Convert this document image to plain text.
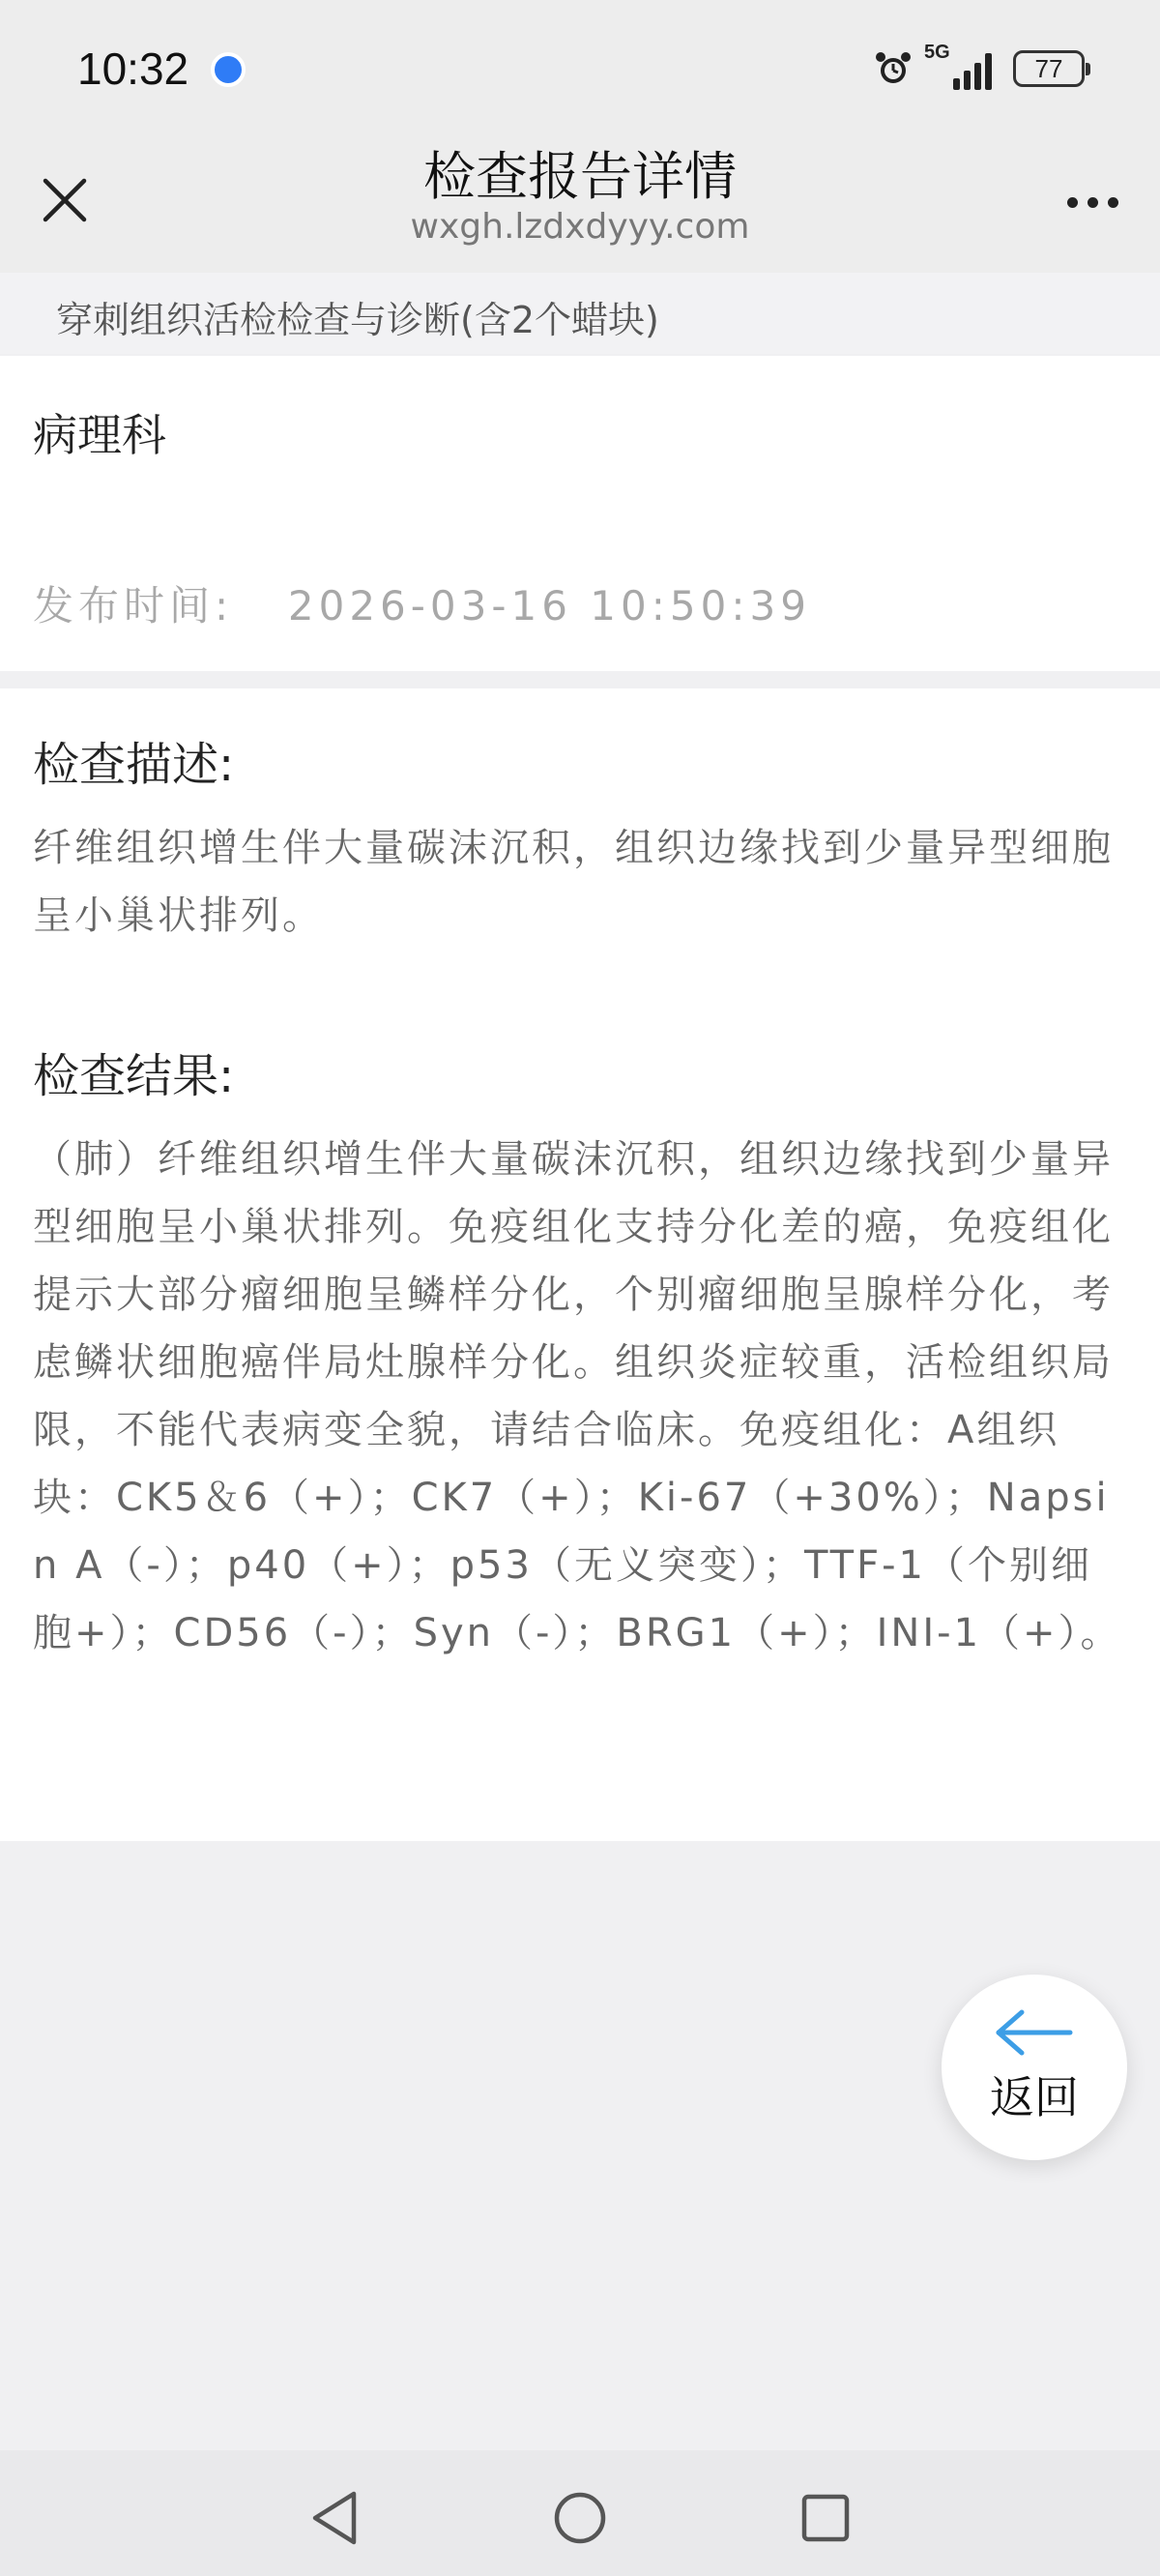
10:32	5G
77
检查报告详情
wxgh.lzdxdyyy.com
穿刺组织活检检查与诊断(含2个蜡块)
病理科
发布时间: 2026-03-16 10:50:39
检查描述:
纤维组织增生伴大量碳沫沉积，组织边缘找到少量异型细胞呈小巢状排列。
检查结果:
（肺）纤维组织增生伴大量碳沫沉积，组织边缘找到少量异型细胞呈小巢状排列。免疫组化支持分化差的癌，免疫组化提示大部分瘤细胞呈鳞样分化，个别瘤细胞呈腺样分化，考虑鳞状细胞癌伴局灶腺样分化。组织炎症较重，活检组织局限，不能代表病变全貌，请结合临床。免疫组化：A组织块：CK5＆6（+）；CK7（+）；Ki-67（+30%）；Napsin A（-）；p40（+）；p53（无义突变）；TTF-1（个别细胞+）；CD56（-）；Syn（-）；BRG1（+）；INI-1（+）。
返回
